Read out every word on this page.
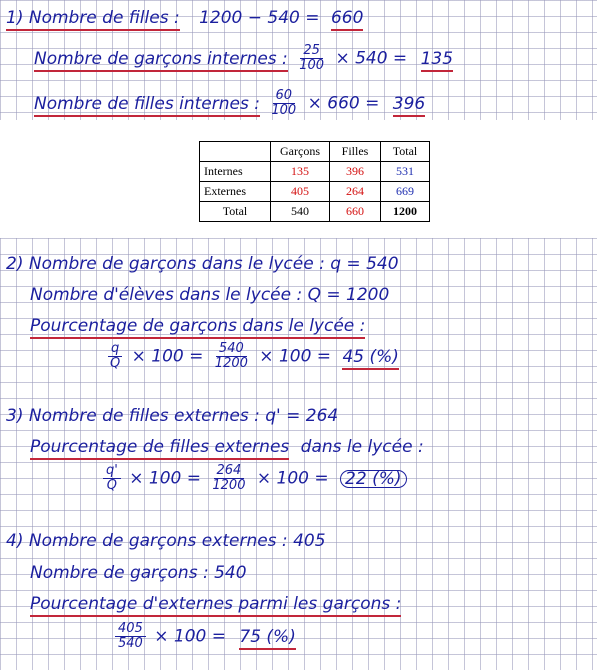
1) Nombre de filles : 1200 − 540 = 660
Nombre de garçons internes : $\frac{25}{100} \times 540 = 135$
Nombre de filles internes : $\frac{60}{100} \times 660 = 396$
	Garçons	Filles	Total
Internes	135	396	531
Externes	405	264	669
Total	540	660	1200
2) Nombre de garçons dans le lycée : q = 540
Nombre d'élèves dans le lycée : Q = 1200
Pourcentage de garçons dans le lycée :
$\frac{q}{Q} \times 100 = \frac{540}{1200} \times 100 = 45$ (%)
3) Nombre de filles externes : q' = 264
Pourcentage de filles externes dans le lycée :
$\frac{q'}{Q} \times 100 = \frac{264}{1200} \times 100 = 22$ (%)
4) Nombre de garçons externes : 405
Nombre de garçons : 540
Pourcentage d'externes parmi les garçons :
$\frac{405}{540} \times 100 = 75$ (%)
